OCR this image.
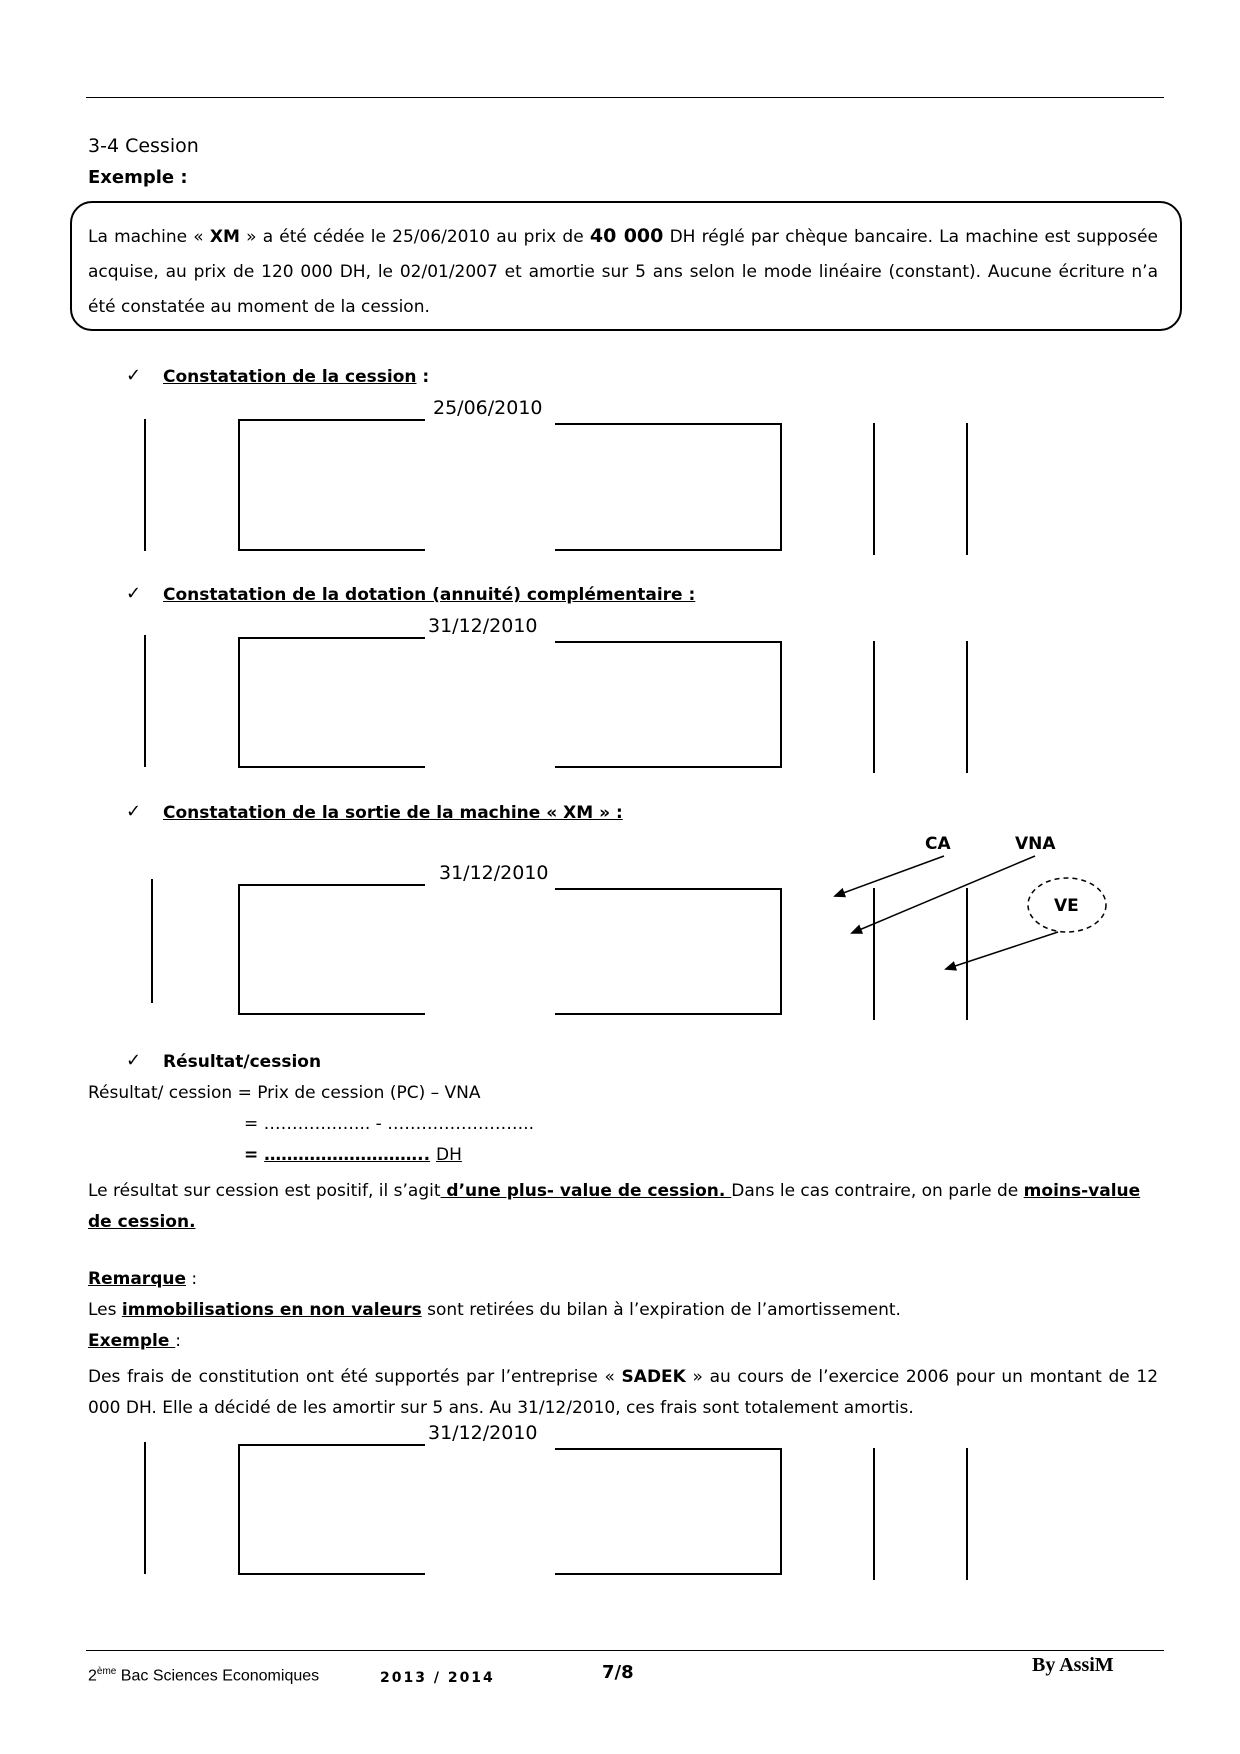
3-4 Cession
Exemple :
La machine « XM » a été cédée le 25/06/2010 au prix de 40 000 DH réglé par chèque bancaire. La machine est supposée acquise, au prix de 120 000 DH, le 02/01/2007 et amortie sur 5 ans selon le mode linéaire (constant). Aucune écriture n’a été constatée au moment de la cession.
✓ Constatation de la cession :
25/06/2010
✓ Constatation de la dotation (annuité) complémentaire :
31/12/2010
✓ Constatation de la sortie de la machine « XM » :
CA	VNA
31/12/2010
VE
✓ Résultat/cession
Résultat/ cession = Prix de cession (PC) – VNA
= ………….…... - ……………………..
= ……………………….. DH
Le résultat sur cession est positif, il s’agit d’une plus- value de cession. Dans le cas contraire, on parle de moins-value de cession.
Remarque :
Les immobilisations en non valeurs sont retirées du bilan à l’expiration de l’amortissement.
Exemple :
Des frais de constitution ont été supportés par l’entreprise « SADEK » au cours de l’exercice 2006 pour un montant de 12 000 DH. Elle a décidé de les amortir sur 5 ans. Au 31/12/2010, ces frais sont totalement amortis.
31/12/2010
2ème Bac Sciences Economiques	2013 / 2014	7/8	By AssiM
